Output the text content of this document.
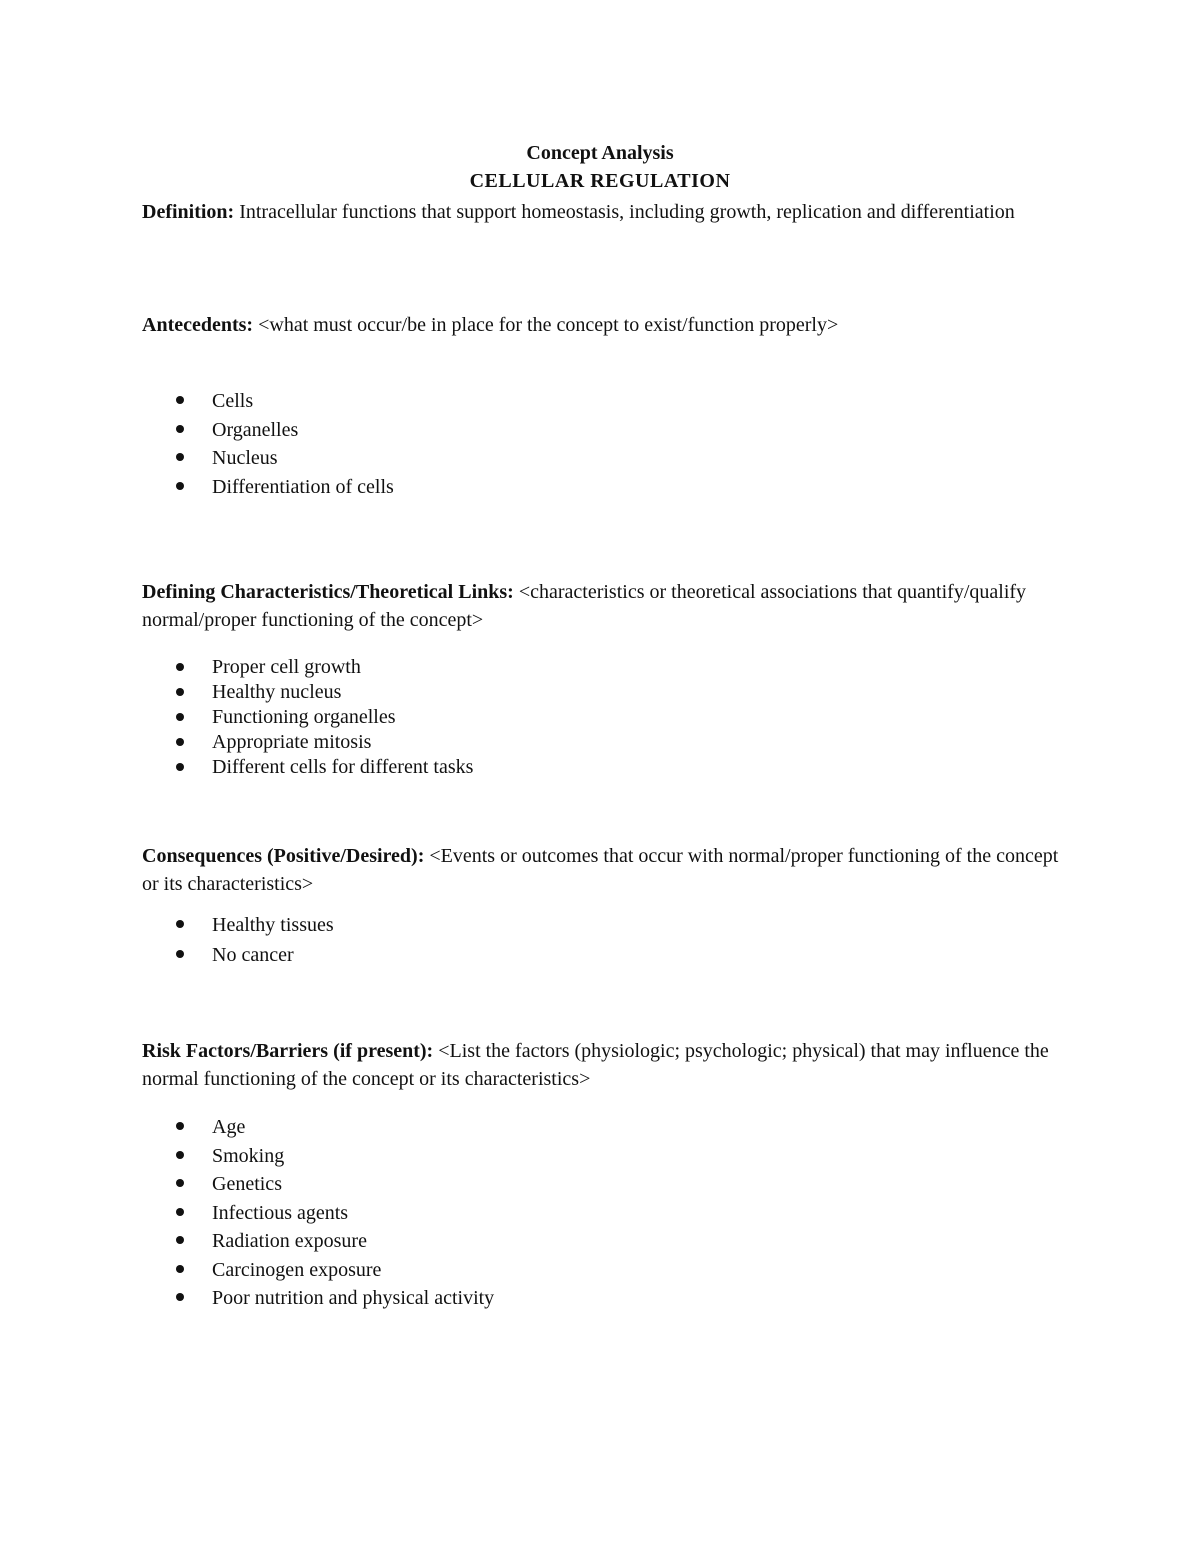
Concept Analysis
CELLULAR REGULATION
Definition: Intracellular functions that support homeostasis, including growth, replication and differentiation
Antecedents: <what must occur/be in place for the concept to exist/function properly>
Cells
Organelles
Nucleus
Differentiation of cells
Defining Characteristics/Theoretical Links: <characteristics or theoretical associations that quantify/qualify normal/proper functioning of the concept>
Proper cell growth
Healthy nucleus
Functioning organelles
Appropriate mitosis
Different cells for different tasks
Consequences (Positive/Desired): <Events or outcomes that occur with normal/proper functioning of the concept or its characteristics>
Healthy tissues
No cancer
Risk Factors/Barriers (if present): <List the factors (physiologic; psychologic; physical) that may influence the normal functioning of the concept or its characteristics>
Age
Smoking
Genetics
Infectious agents
Radiation exposure
Carcinogen exposure
Poor nutrition and physical activity
